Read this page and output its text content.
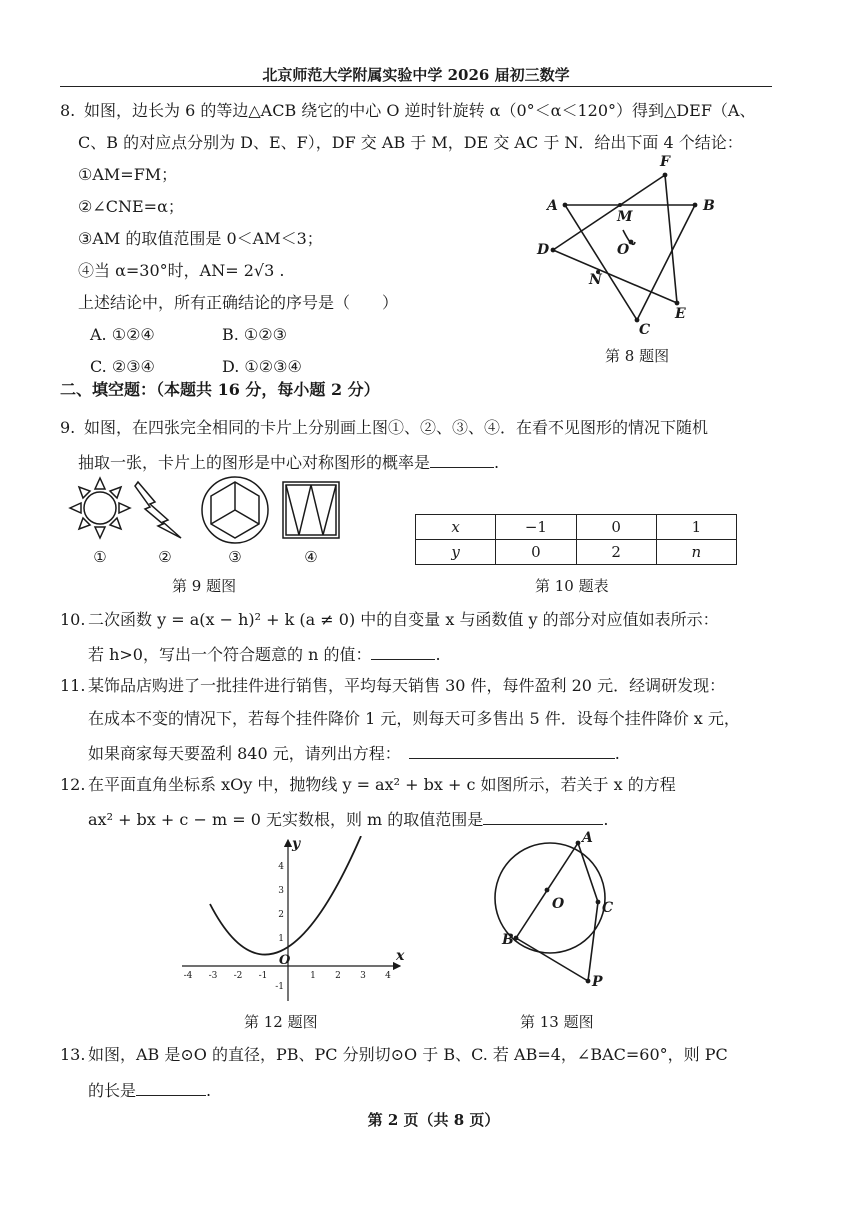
北京师范大学附属实验中学 2026 届初三数学
8. 如图，边长为 6 的等边△ACB 绕它的中心 O 逆时针旋转 α（0°＜α＜120°）得到△DEF（A、
C、B 的对应点分别为 D、E、F），DF 交 AB 于 M，DE 交 AC 于 N．给出下面 4 个结论：
①AM=FM；
②∠CNE=α；
③AM 的取值范围是 0＜AM＜3；
④当 α=30°时，AN= 2√3 .
上述结论中，所有正确结论的序号是（　　）
A. ①②④	B. ①②③
C. ②③④	D. ①②③④
A	B
C
D
E
F
M
N
O
第 8 题图
二、填空题：（本题共 16 分，每小题 2 分）
9. 如图，在四张完全相同的卡片上分别画上图①、②、③、④．在看不见图形的情况下随机
抽取一张，卡片上的图形是中心对称图形的概率是	.
①	②	③	④
第 9 题图
x	−1	0	1
y	0	2	n
第 10 题表
10. 二次函数 y = a(x − h)² + k (a ≠ 0) 中的自变量 x 与函数值 y 的部分对应值如表所示：
若 h>0，写出一个符合题意的 n 的值：	.
11. 某饰品店购进了一批挂件进行销售，平均每天销售 30 件，每件盈利 20 元．经调研发现：
在成本不变的情况下，若每个挂件降价 1 元，则每天可多售出 5 件．设每个挂件降价 x 元，
如果商家每天要盈利 840 元，请列出方程：	.
12. 在平面直角坐标系 xOy 中，抛物线 y = ax² + bx + c 如图所示，若关于 x 的方程
ax² + bx + c − m = 0 无实数根，则 m 的取值范围是	.
-4 -3 -2 -1	1 2 3 4
4
3
2
1
-1
x
y
O
第 12 题图
A
B
C
O
P
第 13 题图
13. 如图，AB 是⊙O 的直径，PB、PC 分别切⊙O 于 B、C. 若 AB=4，∠BAC=60°，则 PC
的长是	.
第 2 页（共 8 页）
